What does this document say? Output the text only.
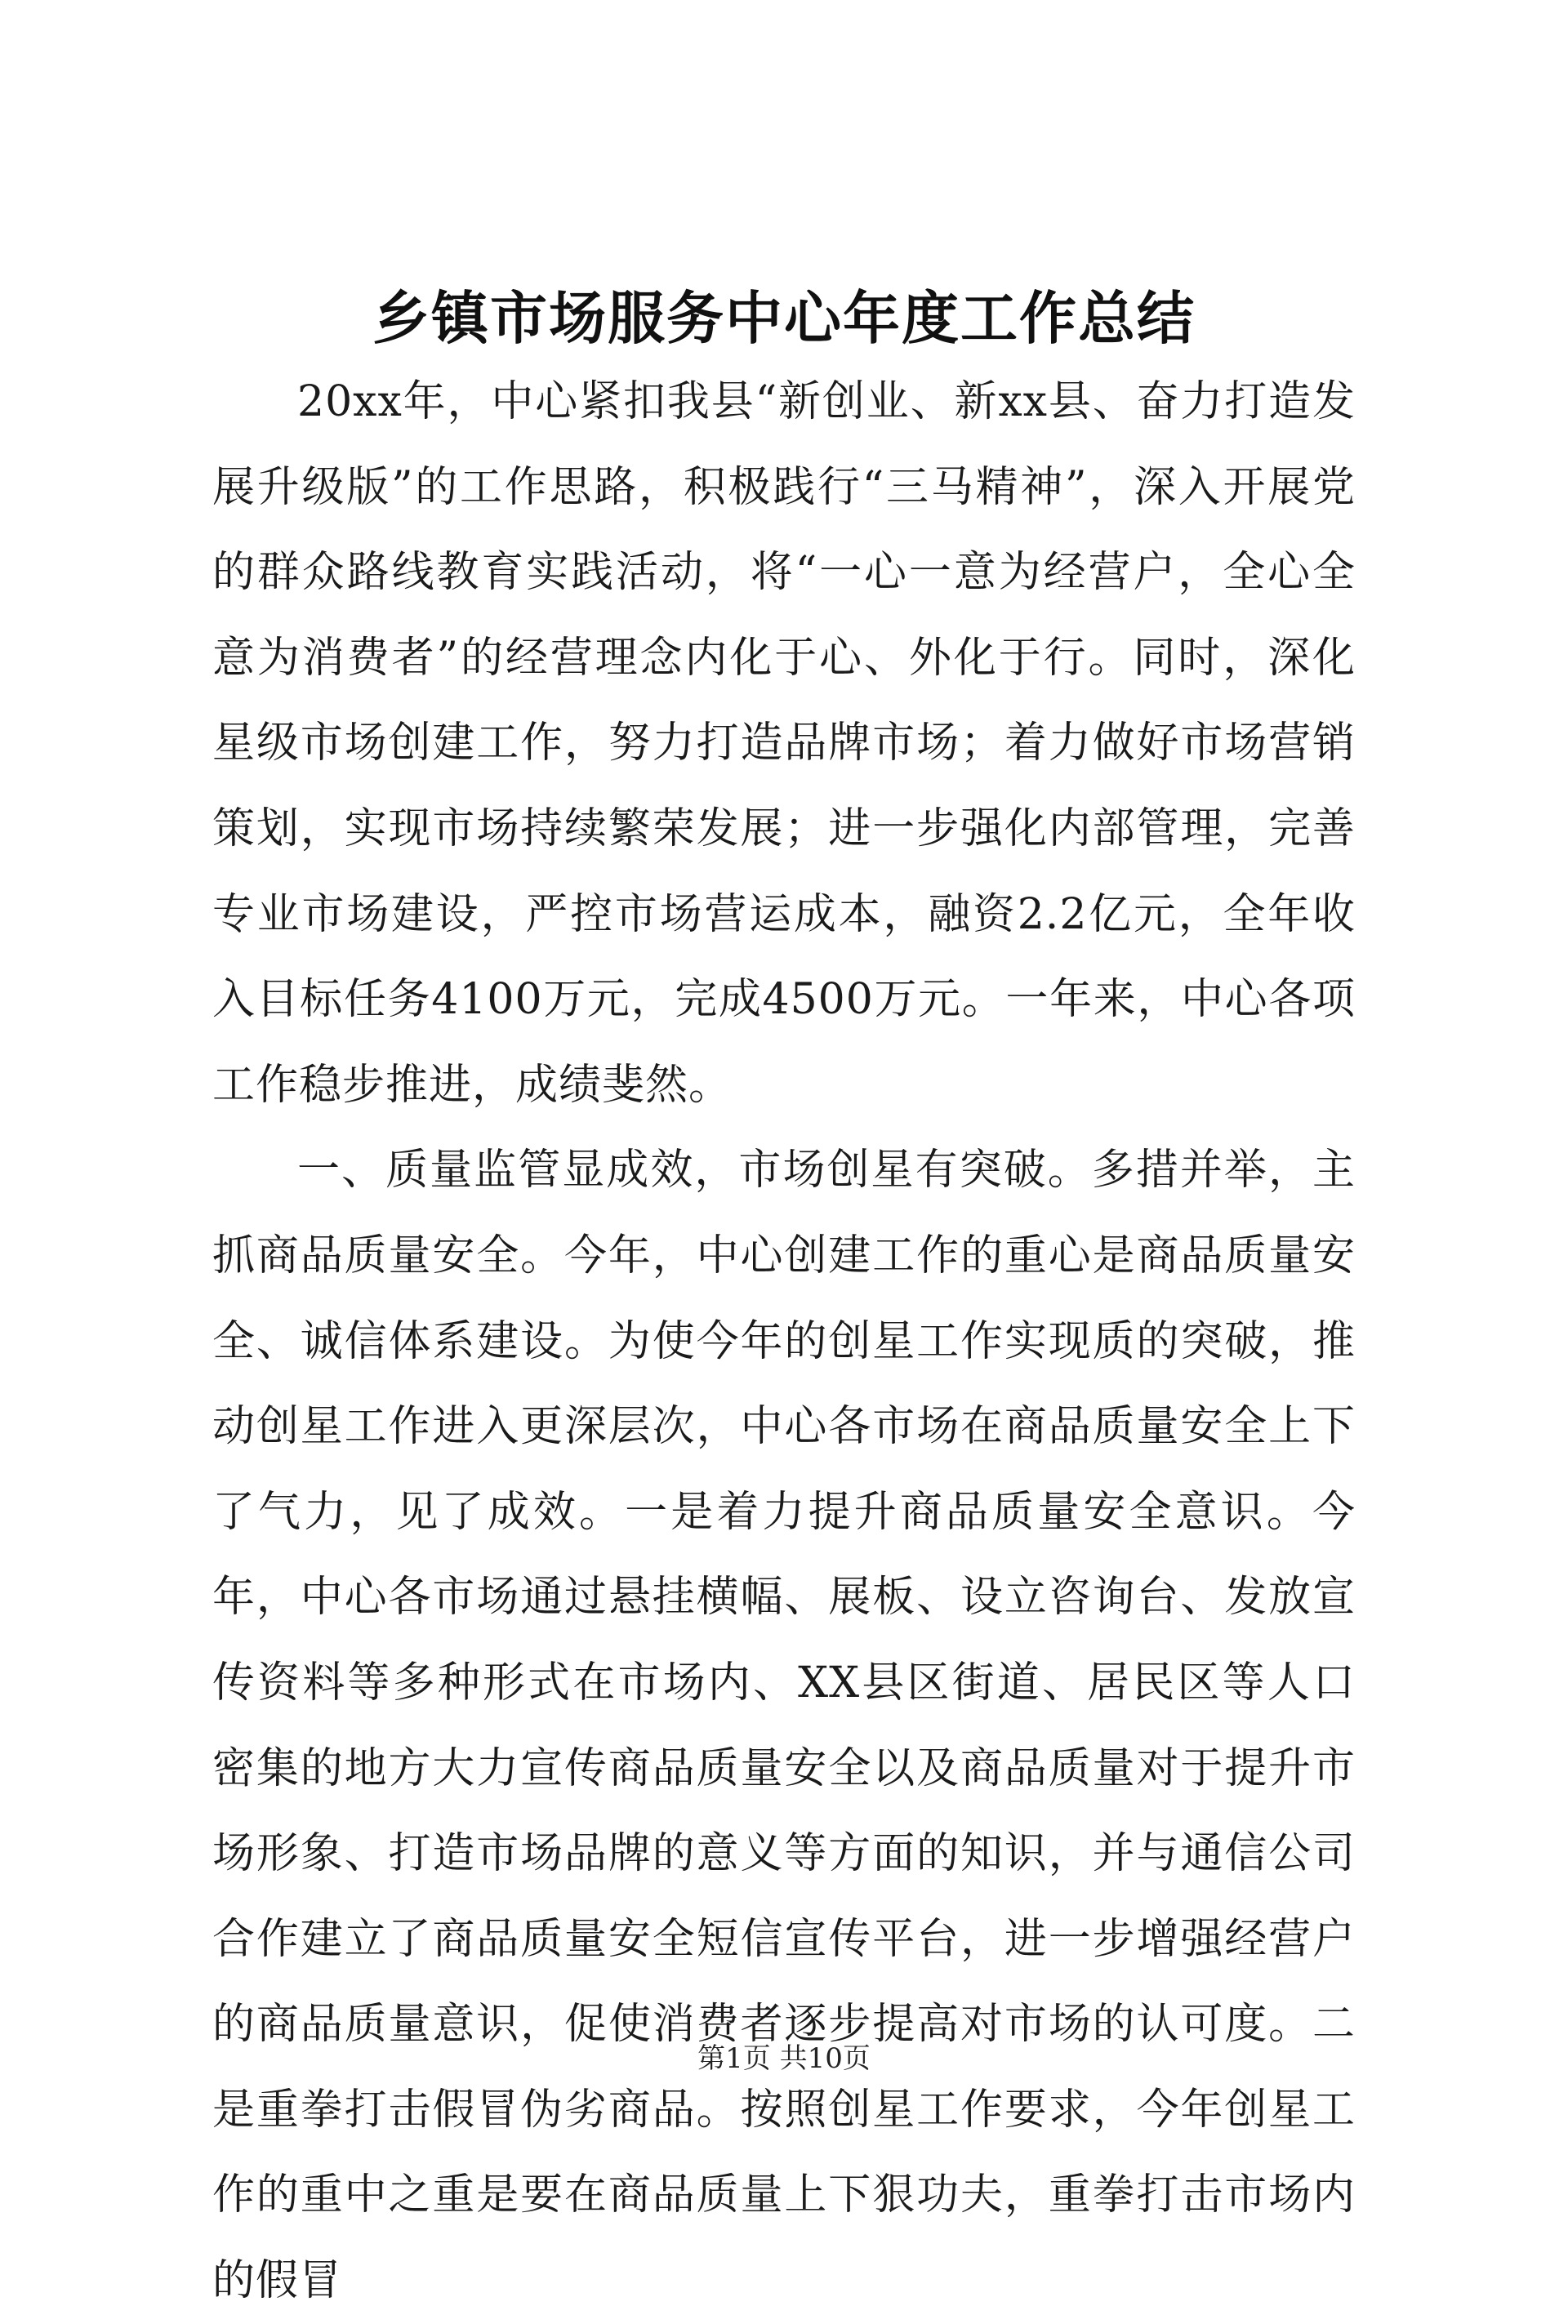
乡镇市场服务中心年度工作总结

20xx年，中心紧扣我县“新创业、新xx县、奋力打造发展升级版”的工作思路，积极践行“三马精神”，深入开展党的群众路线教育实践活动，将“一心一意为经营户，全心全意为消费者”的经营理念内化于心、外化于行。同时，深化星级市场创建工作，努力打造品牌市场；着力做好市场营销策划，实现市场持续繁荣发展；进一步强化内部管理，完善专业市场建设，严控市场营运成本，融资2.2亿元，全年收入目标任务4100万元，完成4500万元。一年来，中心各项工作稳步推进，成绩斐然。

一、质量监管显成效，市场创星有突破。多措并举，主抓商品质量安全。今年，中心创建工作的重心是商品质量安全、诚信体系建设。为使今年的创星工作实现质的突破，推动创星工作进入更深层次，中心各市场在商品质量安全上下了气力，见了成效。一是着力提升商品质量安全意识。今年，中心各市场通过悬挂横幅、展板、设立咨询台、发放宣传资料等多种形式在市场内、XX县区街道、居民区等人口密集的地方大力宣传商品质量安全以及商品质量对于提升市场形象、打造市场品牌的意义等方面的知识，并与通信公司合作建立了商品质量安全短信宣传平台，进一步增强经营户的商品质量意识，促使消费者逐步提高对市场的认可度。二是重拳打击假冒伪劣商品。按照创星工作要求，今年创星工作的重中之重是要在商品质量上下狠功夫，重拳打击市场内的假冒

第1页 共10页
